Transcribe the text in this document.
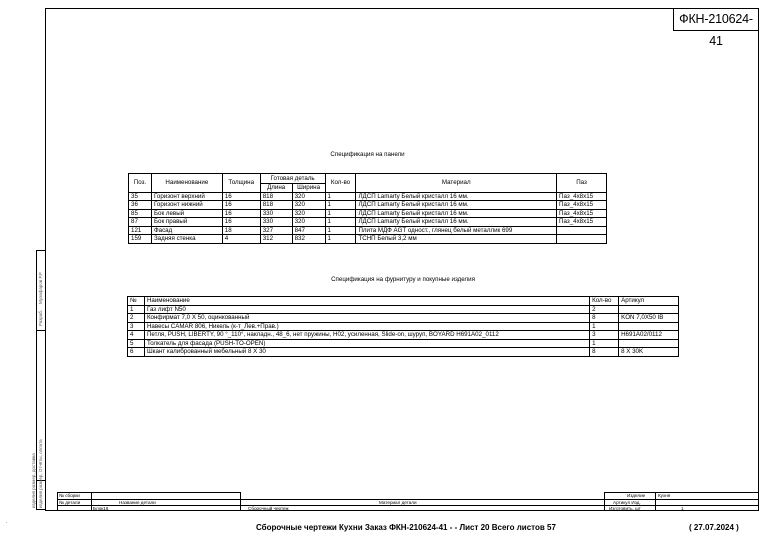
Разраб.
Музафаров Р.Р
изделия размер, доставка изделия размер, Отчёты, оплата
ФКН-210624-41
Спецификация на панели
Поз.	Наименование	Толщина	Готовая деталь		Кол-во	Материал	Паз
			Длина	Ширина			
35	Горизонт верхний	16	818	320	1	ЛДСП Lamarty Белый кристалл 16 мм.	Паз_4x8x15
36	Горизонт нижний	16	818	320	1	ЛДСП Lamarty Белый кристалл 16 мм.	Паз_4x8x15
85	Бок левый	16	330	320	1	ЛДСП Lamarty Белый кристалл 16 мм.	Паз_4x8x15
87	Бок правый	16	330	320	1	ЛДСП Lamarty Белый кристалл 16 мм.	Паз_4x8x15
121	Фасад	18	327	847	1	Плита МДФ AGT одност., глянец белый металлик 699	
159	Задняя стенка	4	312	832	1	ТСНП Белый 3,2 мм	
Спецификация на фурнитуру и покупные изделия
№	Наименование	Кол-во	Артикул
1	Газ лифт N50	2	
2	Конфирмат 7,0 X 50, оцинкованный	8	KON 7,0X50 IB
3	Навесы CAMAR 806, Никель (к-т_Лев.+Прав.)	1	
4	Петля, PUSH, LIBERTY, 90 °_110°, накладн., 48_6, нет пружины, H02, усиленная, Slide-on, шуруп, BOYARD H691A02_0112	3	H691A02/0112
5	Толкатель для фасада (PUSH-TO-OPEN)	1	
6	Шкант калиброванный мебельный 8 X 30	8	8 X 30K
№ сборки
№ детали	Название детали	Материал детали
Блок16	Сборочный чертеж
Изделие	Кухня
Артикул Изд.
Изготовить, шт	1
.
Сборочные чертежи Кухни Заказ ФКН-210624-41 - - Лист 20 Всего листов 57	( 27.07.2024 )
